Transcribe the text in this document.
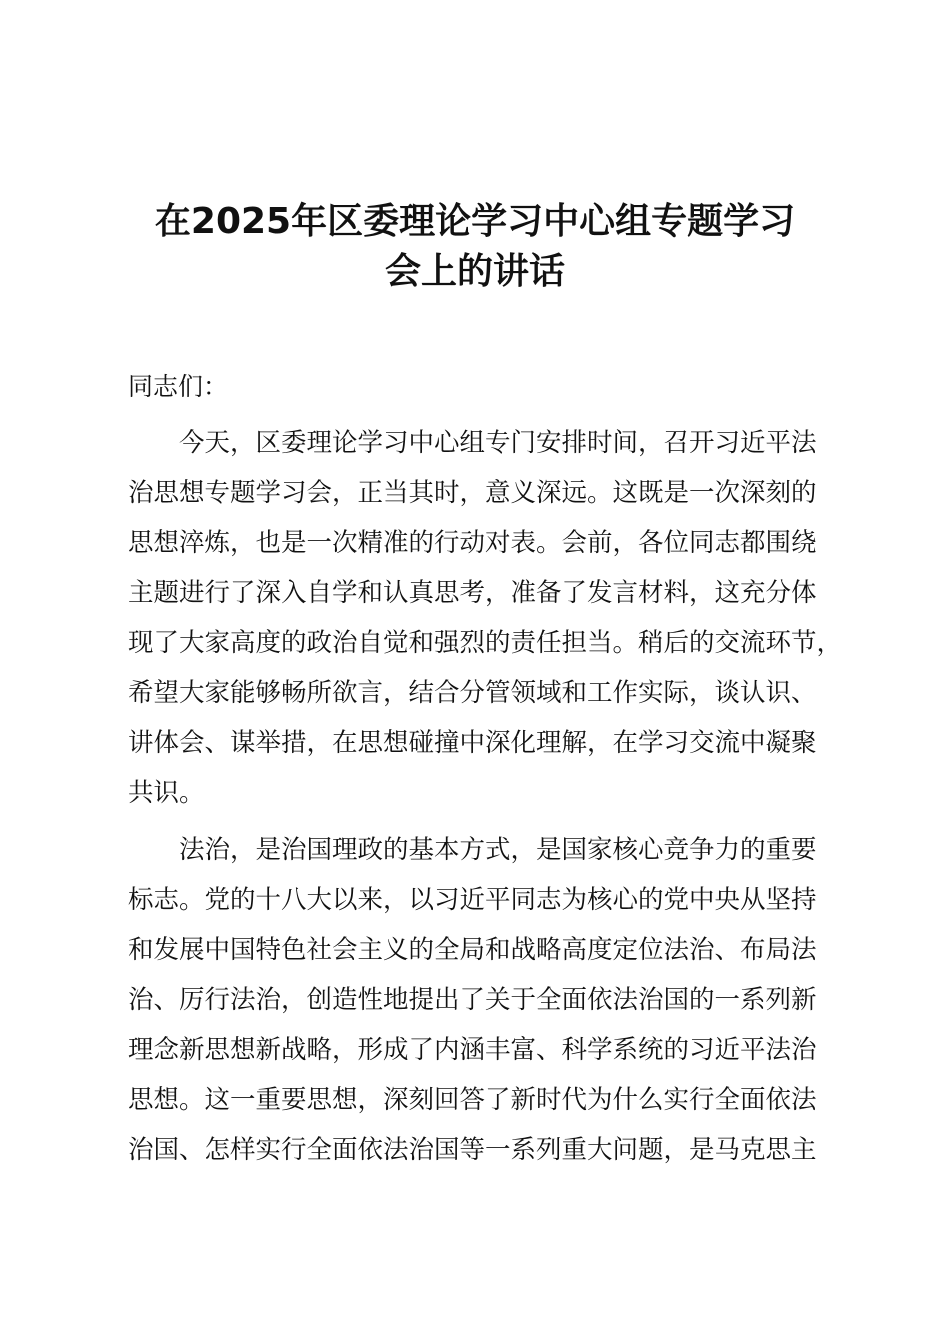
在2025年区委理论学习中心组专题学习
会上的讲话
同志们：
今天，区委理论学习中心组专门安排时间，召开习近平法
治思想专题学习会，正当其时，意义深远。这既是一次深刻的
思想淬炼，也是一次精准的行动对表。会前，各位同志都围绕
主题进行了深入自学和认真思考，准备了发言材料，这充分体
现了大家高度的政治自觉和强烈的责任担当。稍后的交流环节，
希望大家能够畅所欲言，结合分管领域和工作实际，谈认识、
讲体会、谋举措，在思想碰撞中深化理解，在学习交流中凝聚
共识。
法治，是治国理政的基本方式，是国家核心竞争力的重要
标志。党的十八大以来，以习近平同志为核心的党中央从坚持
和发展中国特色社会主义的全局和战略高度定位法治、布局法
治、厉行法治，创造性地提出了关于全面依法治国的一系列新
理念新思想新战略，形成了内涵丰富、科学系统的习近平法治
思想。这一重要思想，深刻回答了新时代为什么实行全面依法
治国、怎样实行全面依法治国等一系列重大问题，是马克思主
